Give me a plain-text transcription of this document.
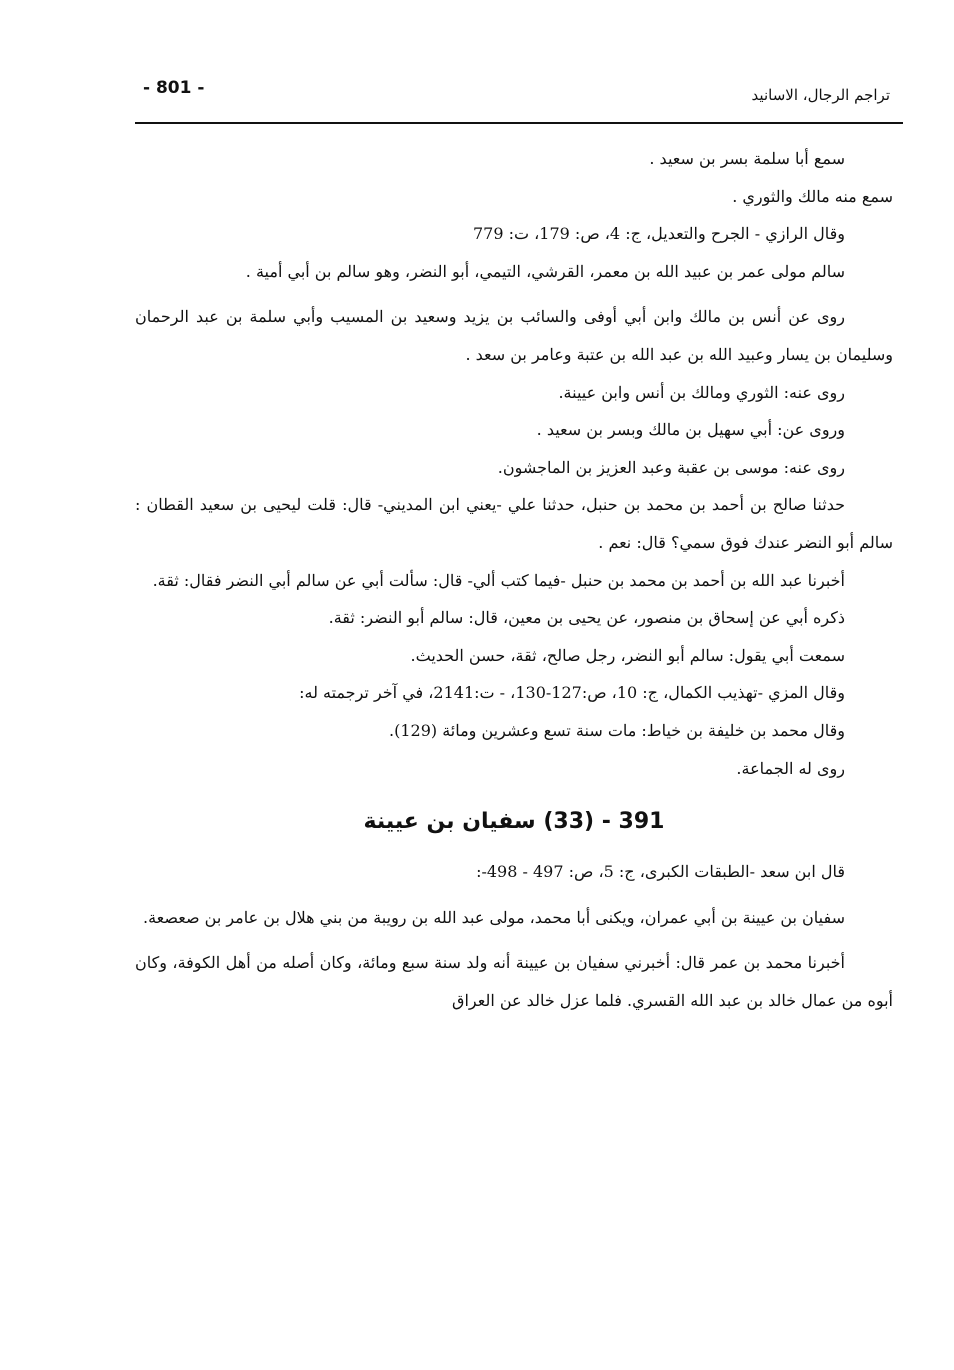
- 801 -	تراجم الرجال، الاسانيد

سمع أبا سلمة بسر بن سعيد .

سمع منه مالك والثوري .

وقال الرازي - الجرح والتعديل، ج: 4، ص: 179، ت: 779

سالم مولى عمر بن عبيد الله بن معمر، القرشي، التيمي، أبو النضر، وهو سالم بن أبي أمية .

روى عن أنس بن مالك وابن أبي أوفى والسائب بن يزيد وسعيد بن المسيب وأبي سلمة بن عبد الرحمان وسليمان بن يسار وعبيد الله بن عبد الله بن عتبة وعامر بن سعد .

روى عنه: الثوري ومالك بن أنس وابن عيينة.

وروى عن: أبي سهيل بن مالك وبسر بن سعيد .

روى عنه: موسى بن عقبة وعبد العزيز بن الماجشون.

حدثنا صالح بن أحمد بن محمد بن حنبل، حدثنا علي -يعني ابن المديني- قال: قلت ليحيى بن سعيد القطان : سالم أبو النضر عندك فوق سمي؟ قال: نعم .

أخبرنا عبد الله بن أحمد بن محمد بن حنبل -فيما كتب ألي- قال: سألت أبي عن سالم أبي النضر فقال: ثقة.

ذكره أبي عن إسحاق بن منصور، عن يحيى بن معين، قال: سالم أبو النضر: ثقة.

سمعت أبي يقول: سالم أبو النضر، رجل صالح، ثقة، حسن الحديث.

وقال المزي -تهذيب الكمال، ج: 10، ص:127-130، - ت:2141، في آخر ترجمته له:

وقال محمد بن خليفة بن خياط: مات سنة تسع وعشرين ومائة (129).

روى له الجماعة.

391 - (33) سفيان بن عيينة

قال ابن سعد -الطبقات الكبرى، ج: 5، ص: 497 - 498-:

سفيان بن عيينة بن أبي عمران، ويكنى أبا محمد، مولى عبد الله بن رويبة من بني هلال بن عامر بن صعصعة.

أخبرنا محمد بن عمر قال: أخبرني سفيان بن عيينة أنه ولد سنة سبع ومائة، وكان أصله من أهل الكوفة، وكان أبوه من عمال خالد بن عبد الله القسري. فلما عزل خالد عن العراق
